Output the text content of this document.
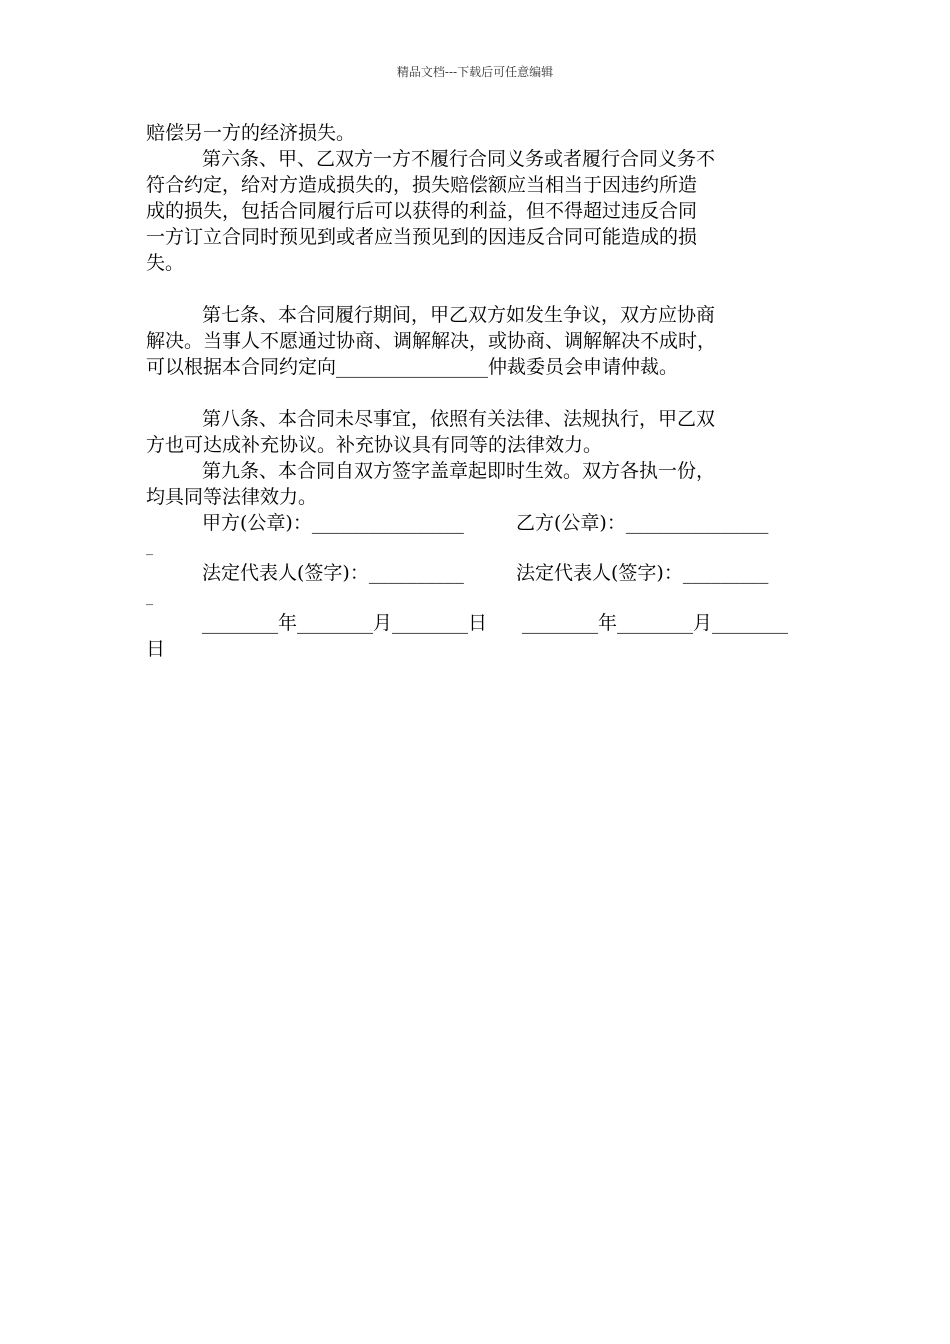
精品文档---下载后可任意编辑
赔偿另一方的经济损失。
第六条、甲、乙双方一方不履行合同义务或者履行合同义务不
符合约定，给对方造成损失的，损失赔偿额应当相当于因违约所造
成的损失，包括合同履行后可以获得的利益，但不得超过违反合同
一方订立合同时预见到或者应当预见到的因违反合同可能造成的损
失。
第七条、本合同履行期间，甲乙双方如发生争议，双方应协商
解决。当事人不愿通过协商、调解解决，或协商、调解解决不成时，
可以根据本合同约定向________________仲裁委员会申请仲裁。
第八条、本合同未尽事宜，依照有关法律、法规执行，甲乙双
方也可达成补充协议。补充协议具有同等的法律效力。
第九条、本合同自双方签字盖章起即时生效。双方各执一份，
均具同等法律效力。
甲方(公章)：________________	乙方(公章)：_______________
_
法定代表人(签字)：__________	法定代表人(签字)：_________
_
________年________月________日 ________年________月________
日
